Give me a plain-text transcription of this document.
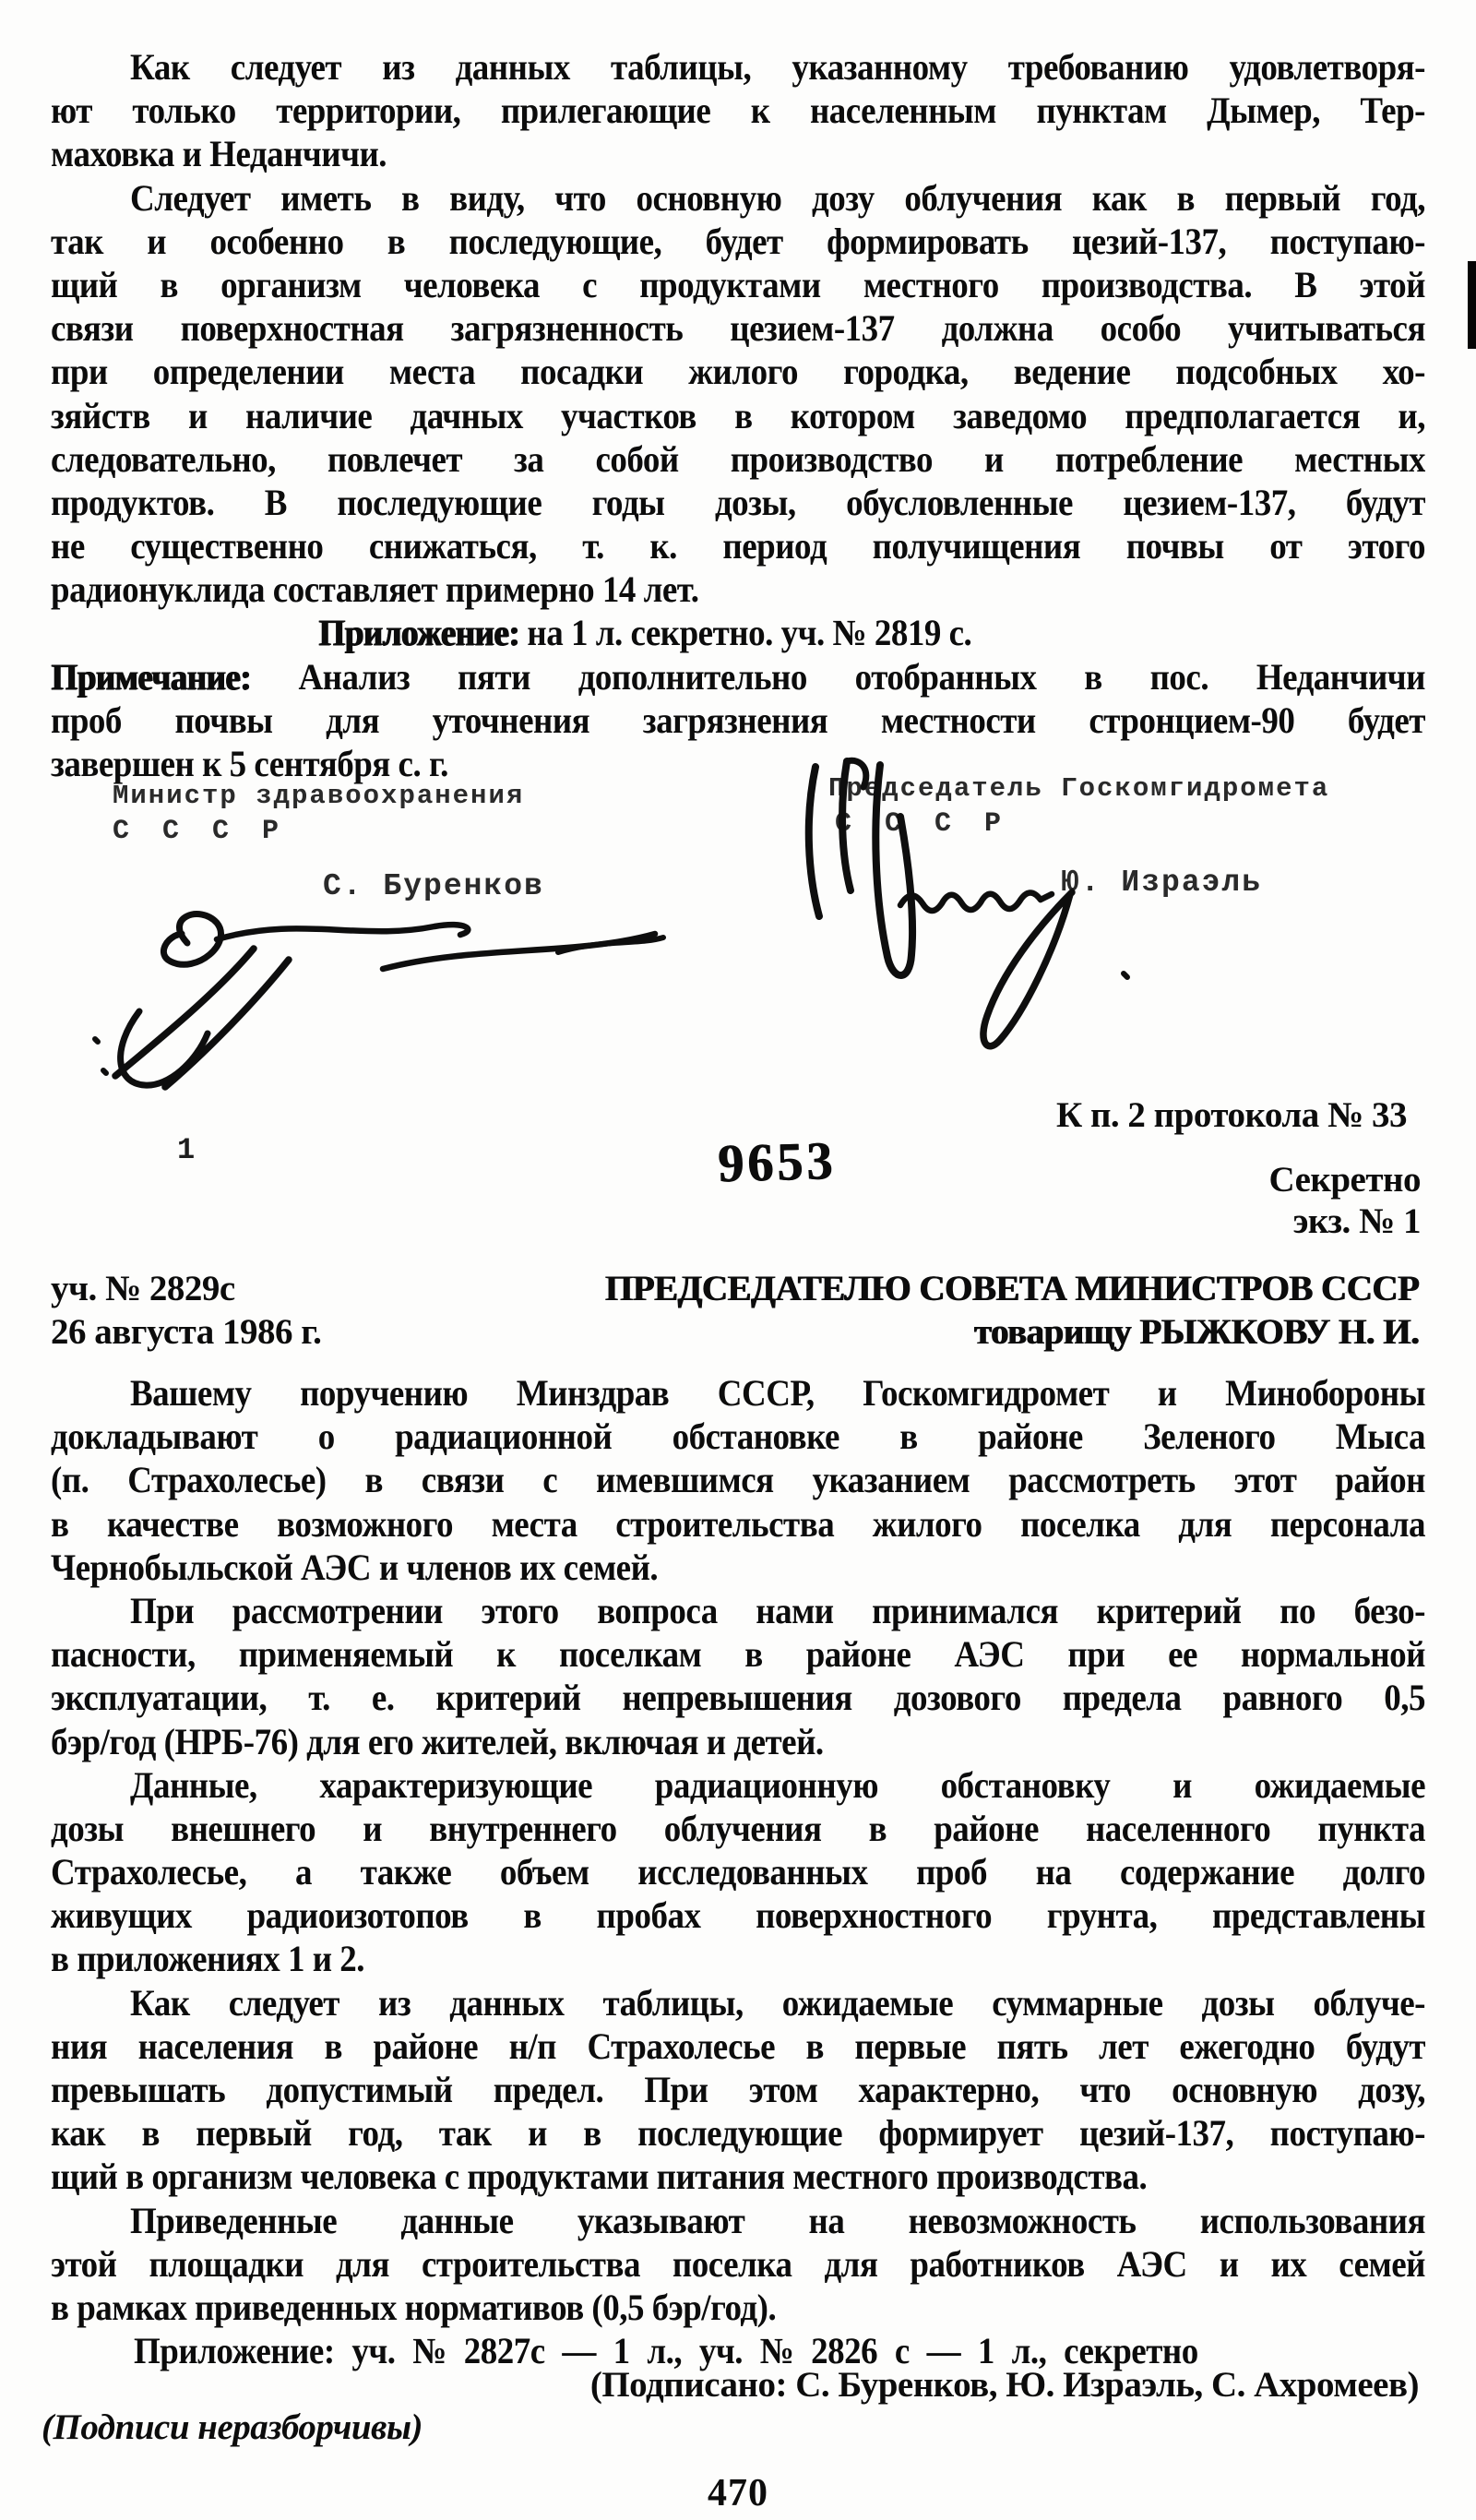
Как следует из данных таблицы, указанному требованию удовлетворя-
ют только территории, прилегающие к населенным пунктам Дымер, Тер-
маховка и Неданчичи.
Следует иметь в виду, что основную дозу облучения как в первый год,
так и особенно в последующие, будет формировать цезий-137, поступаю-
щий в организм человека с продуктами местного производства. В этой
связи поверхностная загрязненность цезием-137 должна особо учитываться
при определении места посадки жилого городка, ведение подсобных хо-
зяйств и наличие дачных участков в котором заведомо предполагается и,
следовательно, повлечет за собой производство и потребление местных
продуктов. В последующие годы дозы, обусловленные цезием-137, будут
не существенно снижаться, т. к. период получищения почвы от этого
радионуклида составляет примерно 14 лет.
Приложение: на 1 л. секретно. уч. № 2819 с.
Примечание: Анализ пяти дополнительно отобранных в пос. Неданчичи
проб почвы для уточнения загрязнения местности стронцием-90 будет
завершен к 5 сентября с. г.
Министр здравоохранения
С С С Р
С. Буренков
Председатель Госкомгидромета
С С С Р
Ю. Израэль
К п. 2 протокола № 33
1	9653	Секретно
экз. № 1
уч. № 2829с
26 августа 1986 г.
ПРЕДСЕДАТЕЛЮ СОВЕТА МИНИСТРОВ СССР
товарищу РЫЖКОВУ Н. И.
Вашему поручению Минздрав СССР, Госкомгидромет и Минобороны
докладывают о радиационной обстановке в районе Зеленого Мыса
(п. Страхолесье) в связи с имевшимся указанием рассмотреть этот район
в качестве возможного места строительства жилого поселка для персонала
Чернобыльской АЭС и членов их семей.
При рассмотрении этого вопроса нами принимался критерий по безо-
пасности, применяемый к поселкам в районе АЭС при ее нормальной
эксплуатации, т. е. критерий непревышения дозового предела равного 0,5
бэр/год (НРБ-76) для его жителей, включая и детей.
Данные, характеризующие радиационную обстановку и ожидаемые
дозы внешнего и внутреннего облучения в районе населенного пункта
Страхолесье, а также объем исследованных проб на содержание долго
живущих радиоизотопов в пробах поверхностного грунта, представлены
в приложениях 1 и 2.
Как следует из данных таблицы, ожидаемые суммарные дозы облуче-
ния населения в районе н/п Страхолесье в первые пять лет ежегодно будут
превышать допустимый предел. При этом характерно, что основную дозу,
как в первый год, так и в последующие формирует цезий-137, поступаю-
щий в организм человека с продуктами питания местного производства.
Приведенные данные указывают на невозможность использования
этой площадки для строительства поселка для работников АЭС и их семей
в рамках приведенных нормативов (0,5 бэр/год).
Приложение: уч. № 2827с — 1 л., уч. № 2826 с — 1 л., секретно
(Подписано: С. Буренков, Ю. Израэль, С. Ахромеев)
(Подписи неразборчивы)
470
